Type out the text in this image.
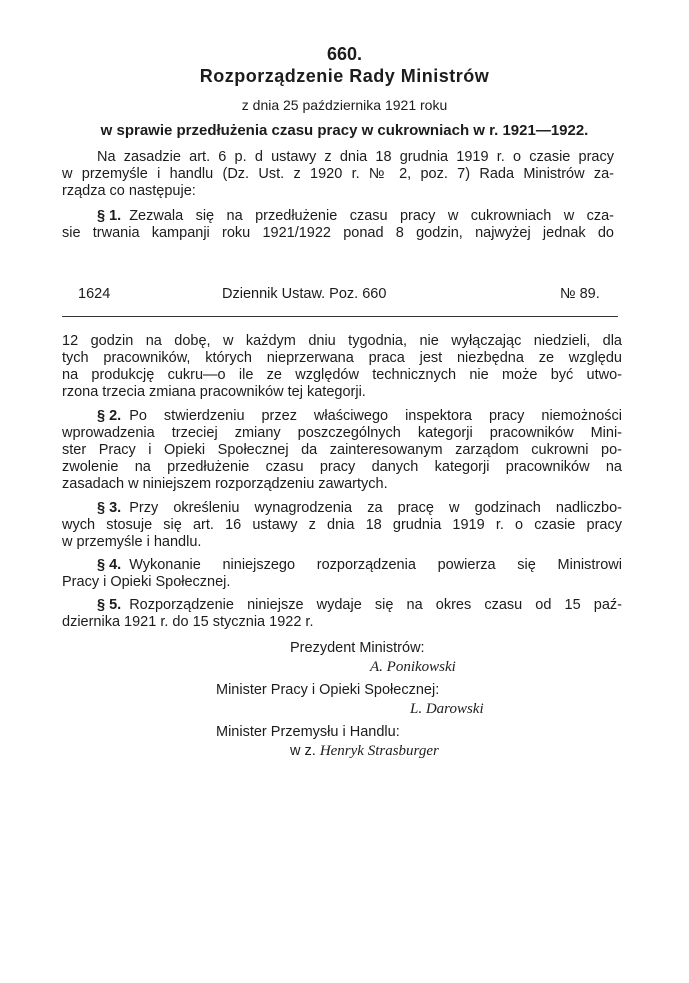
660.
Rozporządzenie Rady Ministrów
z dnia 25 października 1921 roku
w sprawie przedłużenia czasu pracy w cukrowniach w r. 1921—1922.
Na zasadzie art. 6 p. d ustawy z dnia 18 grudnia 1919 r. o czasie pracy
w przemyśle i handlu (Dz. Ust. z 1920 r. № 2, poz. 7) Rada Ministrów za-
rządza co następuje:
§ 1. Zezwala się na przedłużenie czasu pracy w cukrowniach w cza-
sie trwania kampanji roku 1921/1922 ponad 8 godzin, najwyżej jednak do
1624	Dziennik Ustaw. Poz. 660	№ 89.
12 godzin na dobę, w każdym dniu tygodnia, nie wyłączając niedzieli, dla
tych pracowników, których nieprzerwana praca jest niezbędna ze względu
na produkcję cukru—o ile ze względów technicznych nie może być utwo-
rzona trzecia zmiana pracowników tej kategorji.
§ 2. Po stwierdzeniu przez właściwego inspektora pracy niemożności
wprowadzenia trzeciej zmiany poszczególnych kategorji pracowników Mini-
ster Pracy i Opieki Społecznej da zainteresowanym zarządom cukrowni po-
zwolenie na przedłużenie czasu pracy danych kategorji pracowników na
zasadach w niniejszem rozporządzeniu zawartych.
§ 3. Przy określeniu wynagrodzenia za pracę w godzinach nadliczbo-
wych stosuje się art. 16 ustawy z dnia 18 grudnia 1919 r. o czasie pracy
w przemyśle i handlu.
§ 4. Wykonanie niniejszego rozporządzenia powierza się Ministrowi
Pracy i Opieki Społecznej.
§ 5. Rozporządzenie niniejsze wydaje się na okres czasu od 15 paź-
dziernika 1921 r. do 15 stycznia 1922 r.
Prezydent Ministrów:
A. Ponikowski
Minister Pracy i Opieki Społecznej:
L. Darowski
Minister Przemysłu i Handlu:
w z. Henryk Strasburger
